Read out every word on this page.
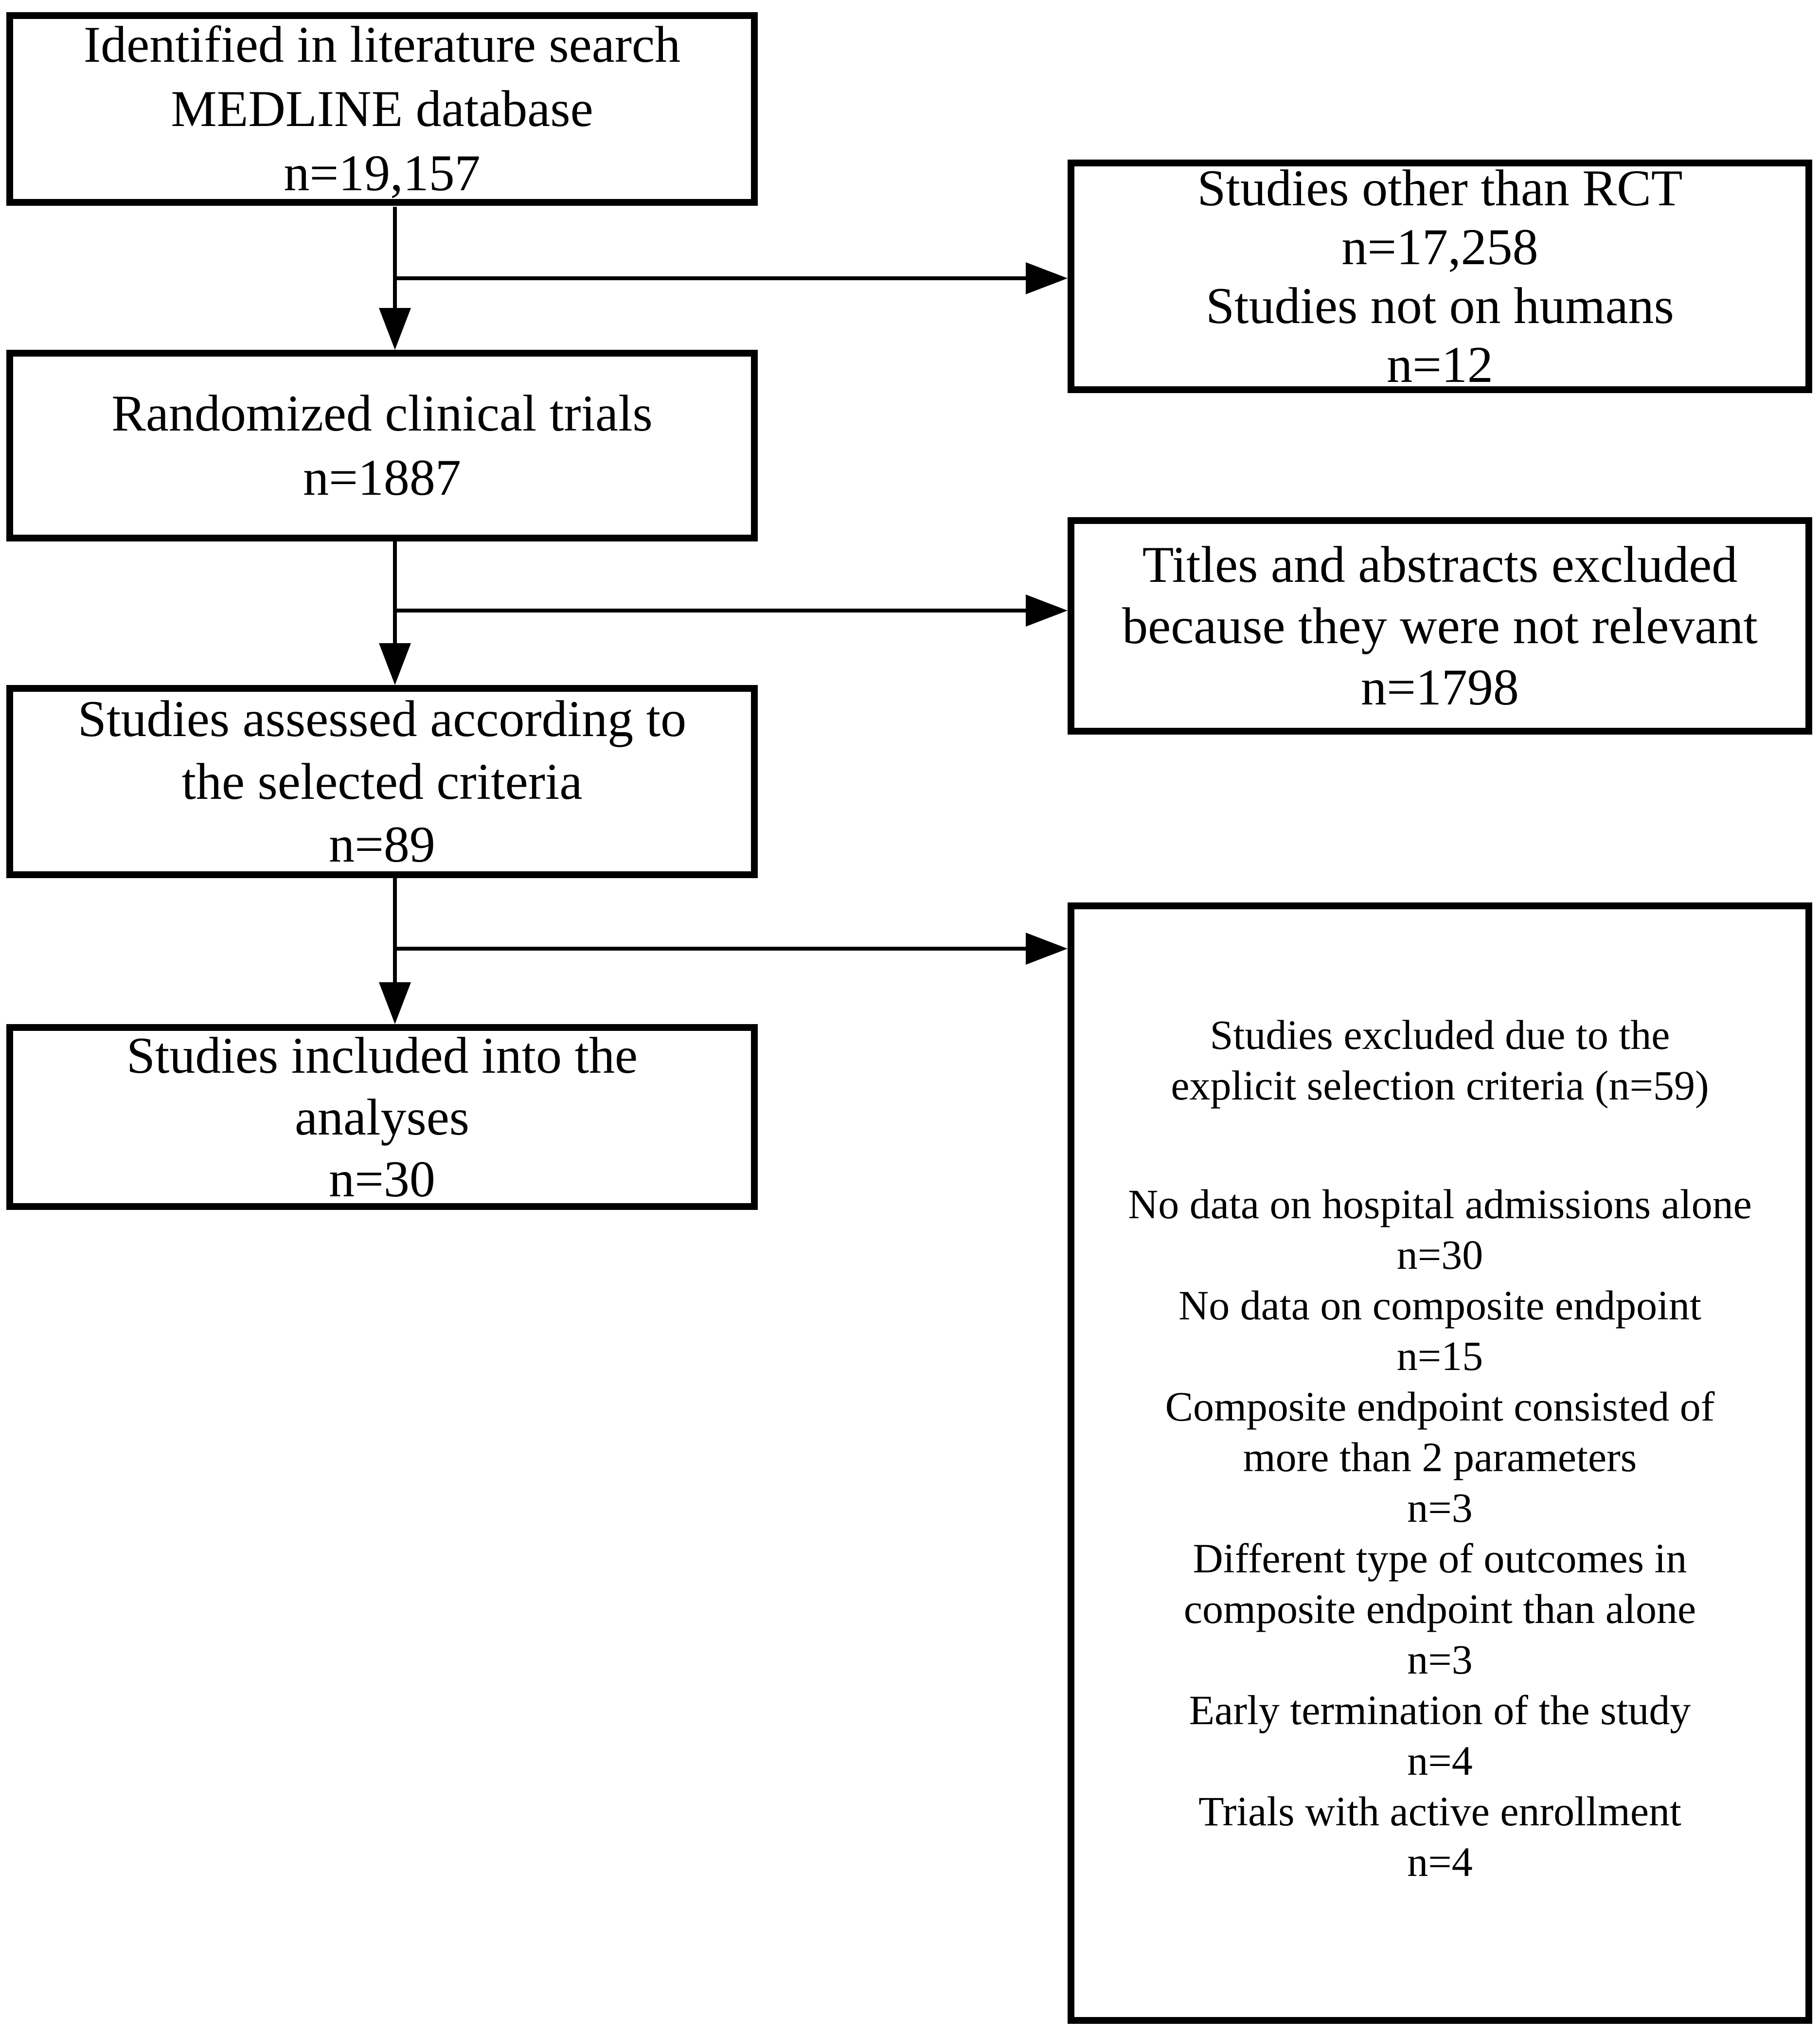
Identified in literature search
MEDLINE database
n=19,157	Studies other than RCT
n=17,258
Studies not on humans
n=12
Randomized clinical trials
n=1887
Titles and abstracts excluded
because they were not relevant
n=1798
Studies assessed according to
the selected criteria
n=89
Studies included into the
analyses
n=30
Studies excluded due to the
explicit selection criteria (n=59)
No data on hospital admissions alone
n=30
No data on composite endpoint
n=15
Composite endpoint consisted of
more than 2 parameters
n=3
Different type of outcomes in
composite endpoint than alone
n=3
Early termination of the study
n=4
Trials with active enrollment
n=4
